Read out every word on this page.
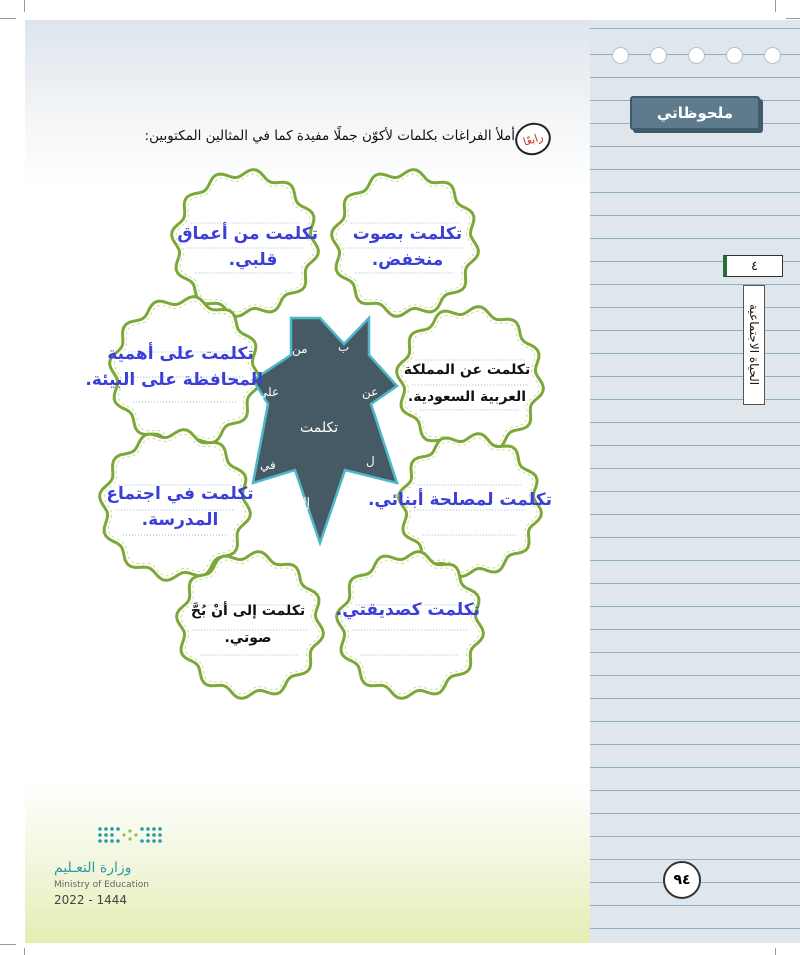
ملحوظاتي
٤
الحياة الاجتماعية
٩٤
رابعًا
أملأ الفراغات بكلمات لأكوّن جملًا مفيدة كما في المثالين المكتوبين:
تكلمت
ب
من
على
في
إلى ك
ل
عن
تكلمت بصوت
منخفض.
تكلمت من أعماق
قلبي.
تكلمت عن المملكة
العربية السعودية.
تكلمت على أهمية
المحافظة على البيئة.
تكلمت في اجتماع
المدرسة.
تكلمت لمصلحة أبنائي.
تكلمت إلى أنْ بُحَّ
صوتي.
تكلمت كصديقتي.
وزارة التعـليم
Ministry of Education
2022 - 1444
